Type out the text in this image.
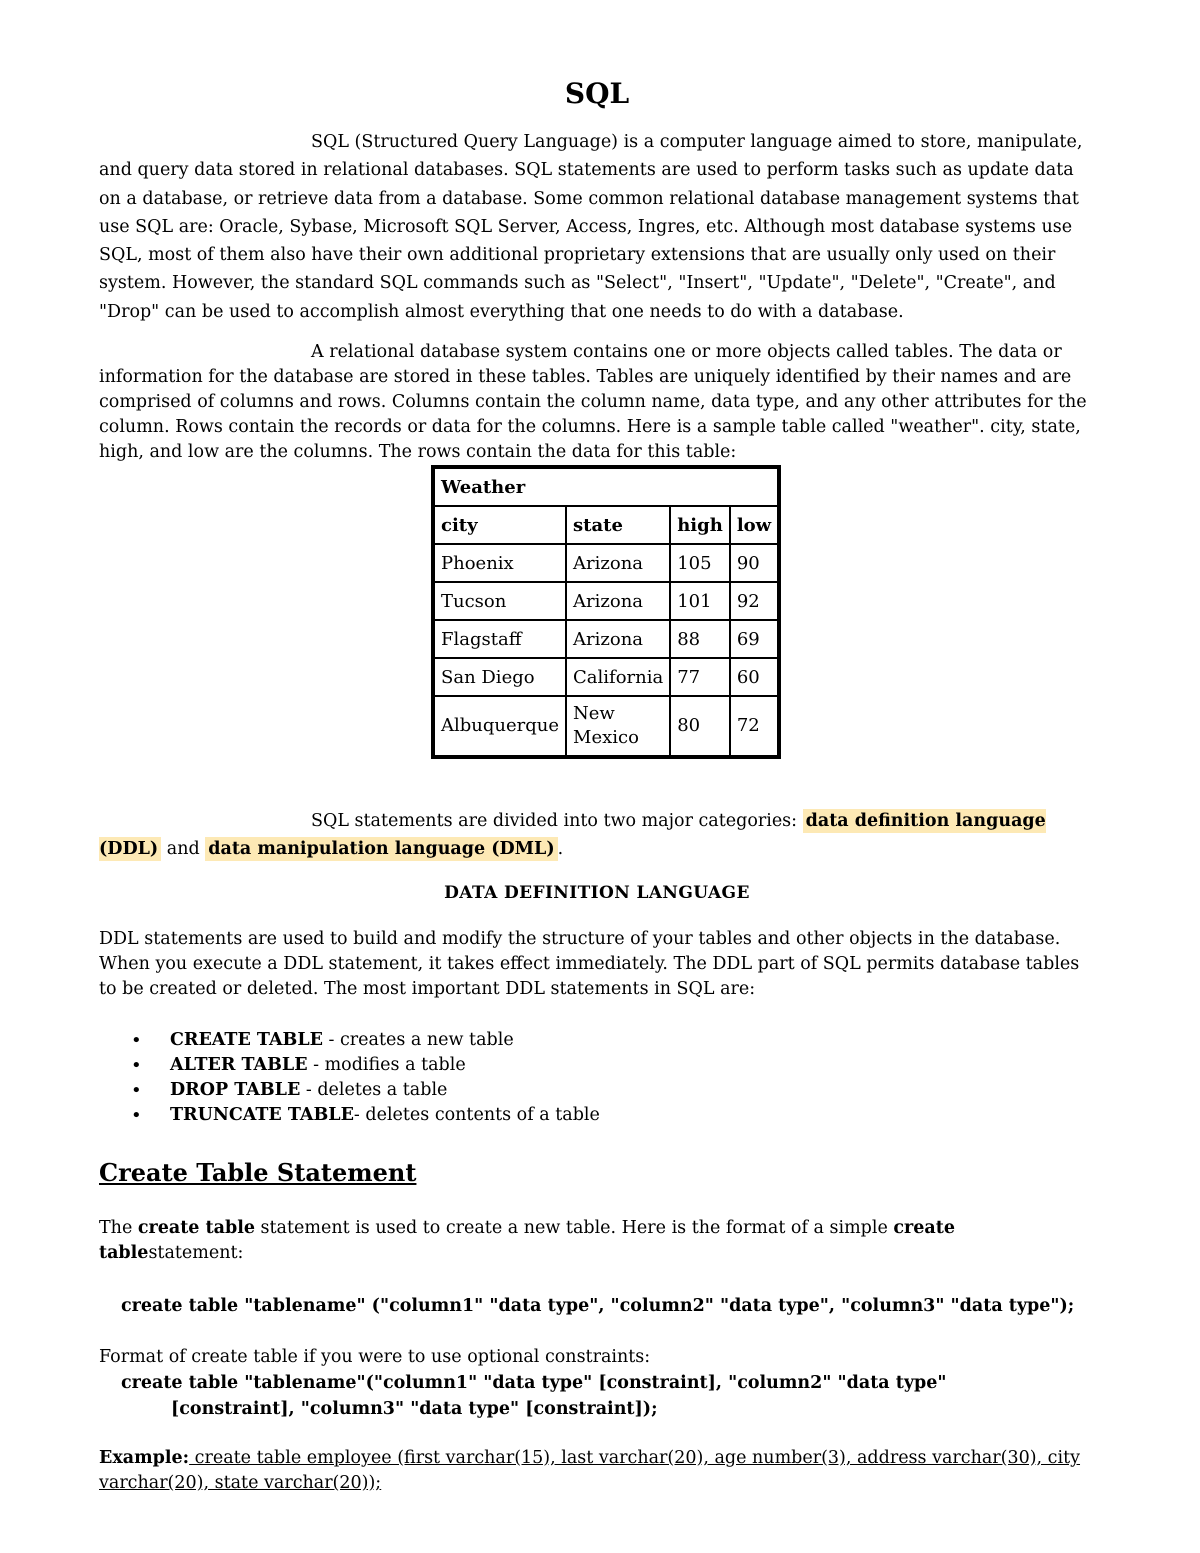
SQL

SQL (Structured Query Language) is a computer language aimed to store, manipulate, and query data stored in relational databases. SQL statements are used to perform tasks such as update data on a database, or retrieve data from a database. Some common relational database management systems that use SQL are: Oracle, Sybase, Microsoft SQL Server, Access, Ingres, etc. Although most database systems use SQL, most of them also have their own additional proprietary extensions that are usually only used on their system. However, the standard SQL commands such as "Select", "Insert", "Update", "Delete", "Create", and "Drop" can be used to accomplish almost everything that one needs to do with a database.

A relational database system contains one or more objects called tables. The data or information for the database are stored in these tables. Tables are uniquely identified by their names and are comprised of columns and rows. Columns contain the column name, data type, and any other attributes for the column. Rows contain the records or data for the columns. Here is a sample table called "weather". city, state, high, and low are the columns. The rows contain the data for this table:

Weather			
city	state	high	low
Phoenix	Arizona	105	90
Tucson	Arizona	101	92
Flagstaff	Arizona	88	69
San Diego	California	77	60
Albuquerque	New Mexico	80	72

SQL statements are divided into two major categories: data definition language (DDL) and data manipulation language (DML) .

DATA DEFINITION LANGUAGE

DDL statements are used to build and modify the structure of your tables and other objects in the database. When you execute a DDL statement, it takes effect immediately. The DDL part of SQL permits database tables to be created or deleted. The most important DDL statements in SQL are:

• CREATE TABLE - creates a new table
• ALTER TABLE - modifies a table
• DROP TABLE - deletes a table
• TRUNCATE TABLE- deletes contents of a table
Create Table Statement

The create table statement is used to create a new table. Here is the format of a simple create tablestatement:

create table "tablename" ("column1" "data type", "column2" "data type", "column3" "data type");

Format of create table if you were to use optional constraints:

create table "tablename"("column1" "data type" [constraint], "column2" "data type"
[constraint], "column3" "data type" [constraint]);

Example: create table employee (first varchar(15), last varchar(20), age number(3), address varchar(30), city varchar(20), state varchar(20));
